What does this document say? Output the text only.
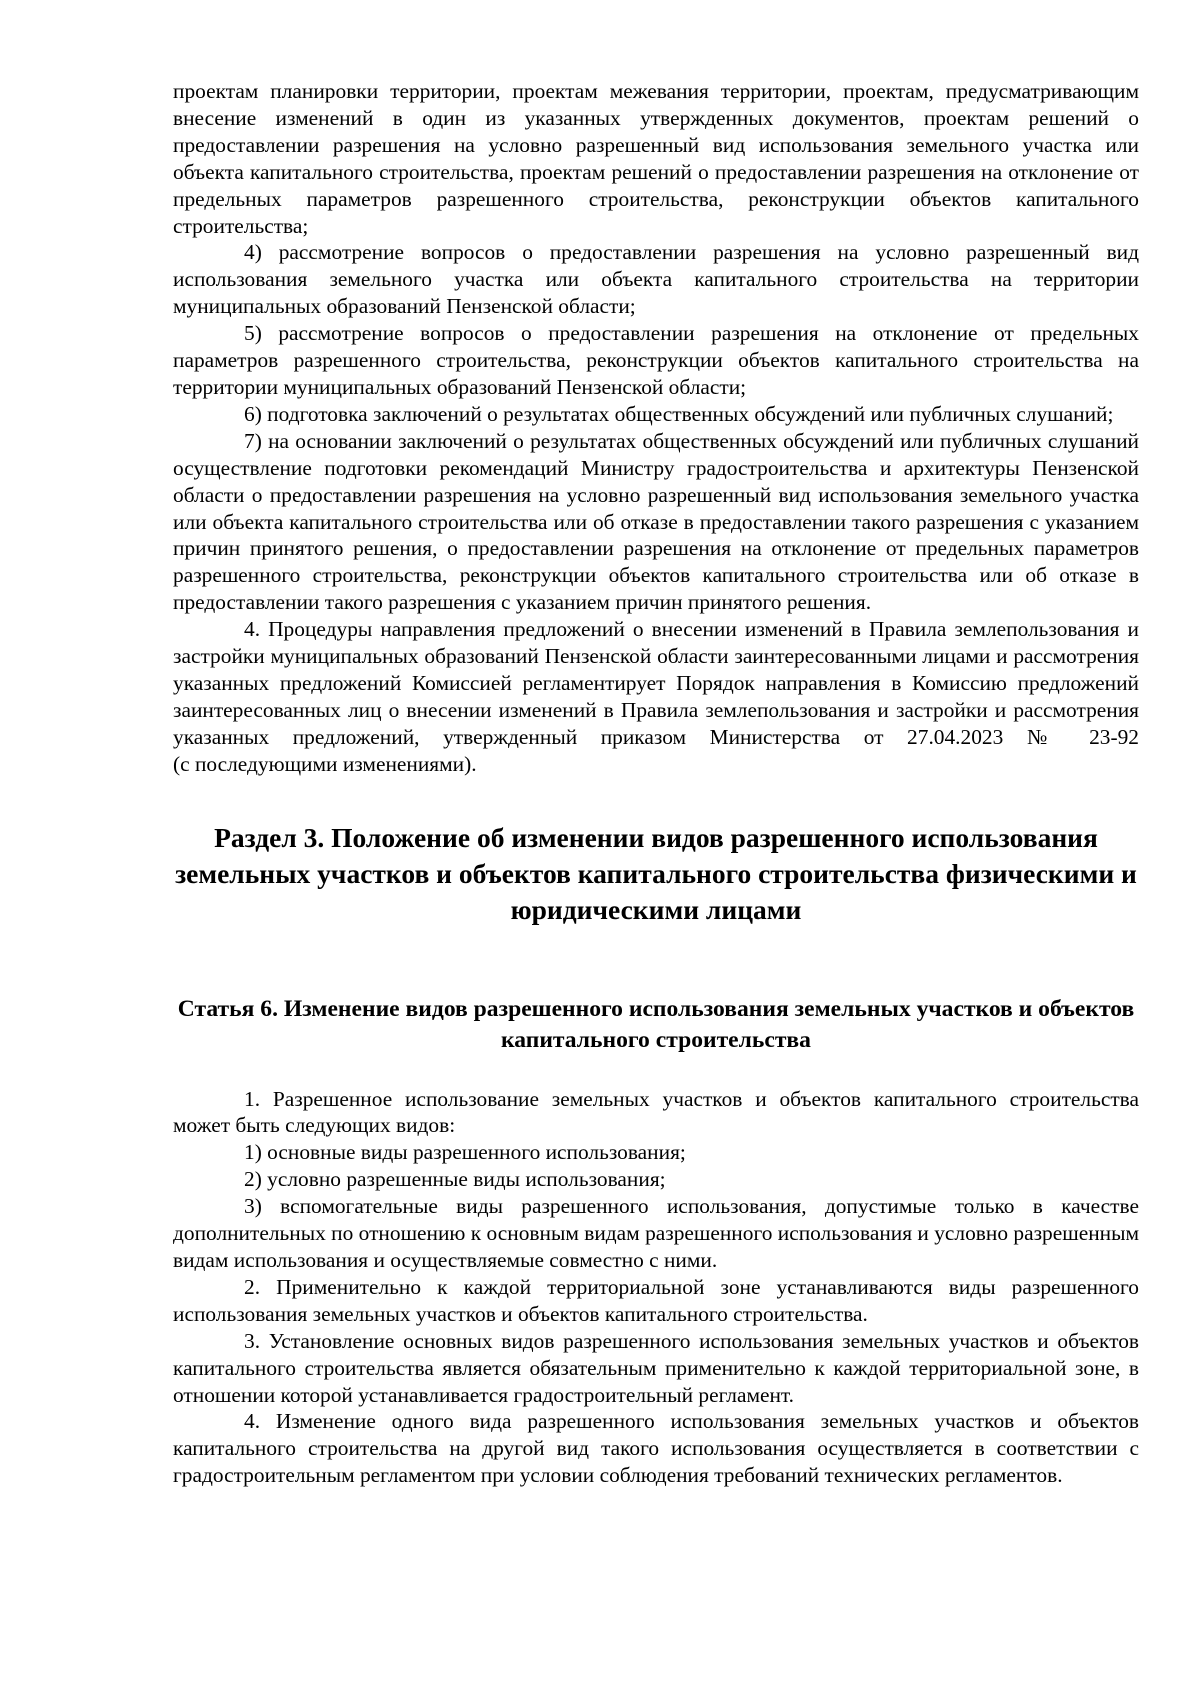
проектам планировки территории, проектам межевания территории, проектам, предусматривающим внесение изменений в один из указанных утвержденных документов, проектам решений о предоставлении разрешения на условно разрешенный вид использования земельного участка или объекта капитального строительства, проектам решений о предоставлении разрешения на отклонение от предельных параметров разрешенного строительства, реконструкции объектов капитального строительства;

4) рассмотрение вопросов о предоставлении разрешения на условно разрешенный вид использования земельного участка или объекта капитального строительства на территории муниципальных образований Пензенской области;

5) рассмотрение вопросов о предоставлении разрешения на отклонение от предельных параметров разрешенного строительства, реконструкции объектов капитального строительства на территории муниципальных образований Пензенской области;

6) подготовка заключений о результатах общественных обсуждений или публичных слушаний;

7) на основании заключений о результатах общественных обсуждений или публичных слушаний осуществление подготовки рекомендаций Министру градостроительства и архитектуры Пензенской области о предоставлении разрешения на условно разрешенный вид использования земельного участка или объекта капитального строительства или об отказе в предоставлении такого разрешения с указанием причин принятого решения, о предоставлении разрешения на отклонение от предельных параметров разрешенного строительства, реконструкции объектов капитального строительства или об отказе в предоставлении такого разрешения с указанием причин принятого решения.

4. Процедуры направления предложений о внесении изменений в Правила землепользования и застройки муниципальных образований Пензенской области заинтересованными лицами и рассмотрения указанных предложений Комиссией регламентирует Порядок направления в Комиссию предложений заинтересованных лиц о внесении изменений в Правила землепользования и застройки и рассмотрения указанных предложений, утвержденный приказом Министерства от 27.04.2023 № 23-92

(с последующими изменениями).

Раздел 3. Положение об изменении видов разрешенного использования земельных участков и объектов капитального строительства физическими и юридическими лицами
Статья 6. Изменение видов разрешенного использования земельных участков и объектов капитального строительства

1. Разрешенное использование земельных участков и объектов капитального строительства может быть следующих видов:

1) основные виды разрешенного использования;

2) условно разрешенные виды использования;

3) вспомогательные виды разрешенного использования, допустимые только в качестве дополнительных по отношению к основным видам разрешенного использования и условно разрешенным видам использования и осуществляемые совместно с ними.

2. Применительно к каждой территориальной зоне устанавливаются виды разрешенного использования земельных участков и объектов капитального строительства.

3. Установление основных видов разрешенного использования земельных участков и объектов капитального строительства является обязательным применительно к каждой территориальной зоне, в отношении которой устанавливается градостроительный регламент.

4. Изменение одного вида разрешенного использования земельных участков и объектов капитального строительства на другой вид такого использования осуществляется в соответствии с градостроительным регламентом при условии соблюдения требований технических регламентов.
